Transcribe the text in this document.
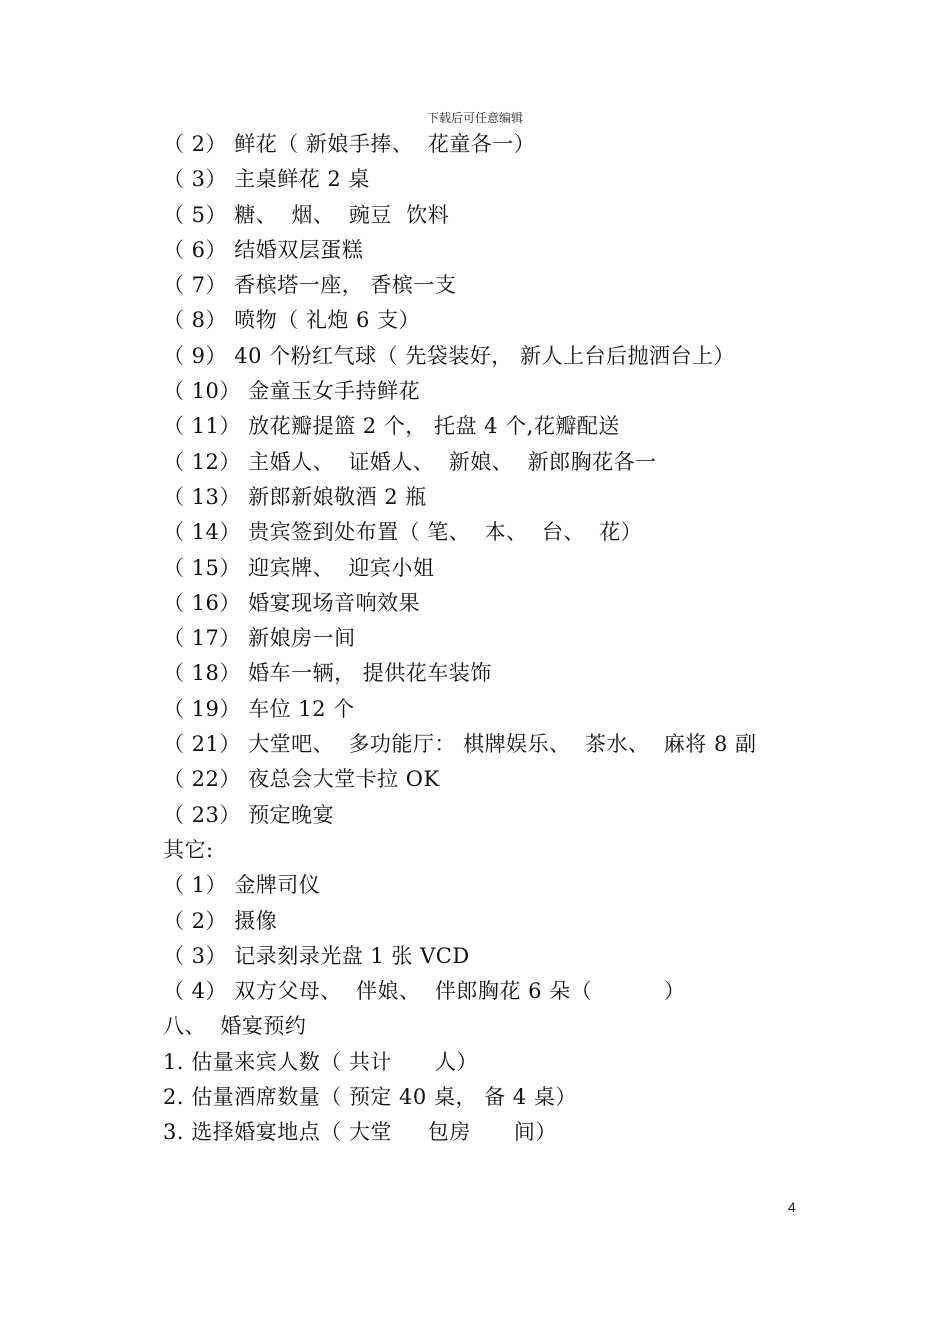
下载后可任意编辑
（ 2） 鲜花（ 新娘手捧、  花童各一）
（ 3） 主桌鲜花 2 桌
（ 5） 糖、  烟、  豌豆  饮料
（ 6） 结婚双层蛋糕
（ 7） 香槟塔一座， 香槟一支
（ 8） 喷物（ 礼炮 6 支）
（ 9） 40 个粉红气球（ 先袋装好， 新人上台后抛洒台上）
（ 10） 金童玉女手持鲜花
（ 11） 放花瓣提篮 2 个， 托盘 4 个,花瓣配送
（ 12） 主婚人、  证婚人、  新娘、  新郎胸花各一
（ 13） 新郎新娘敬酒 2 瓶
（ 14） 贵宾签到处布置（ 笔、  本、  台、  花）
（ 15） 迎宾牌、  迎宾小姐
（ 16） 婚宴现场音响效果
（ 17） 新娘房一间
（ 18） 婚车一辆， 提供花车装饰
（ 19） 车位 12 个
（ 21） 大堂吧、  多功能厅： 棋牌娱乐、  茶水、  麻将 8 副
（ 22） 夜总会大堂卡拉 OK
（ 23） 预定晚宴
其它:
（ 1） 金牌司仪
（ 2） 摄像
（ 3） 记录刻录光盘 1 张 VCD
（ 4） 双方父母、  伴娘、  伴郎胸花 6 朵（          ）
八、  婚宴预约
1. 估量来宾人数（ 共计      人）
2. 估量酒席数量（ 预定 40 桌， 备 4 桌）
3. 选择婚宴地点（ 大堂     包房      间）
4
